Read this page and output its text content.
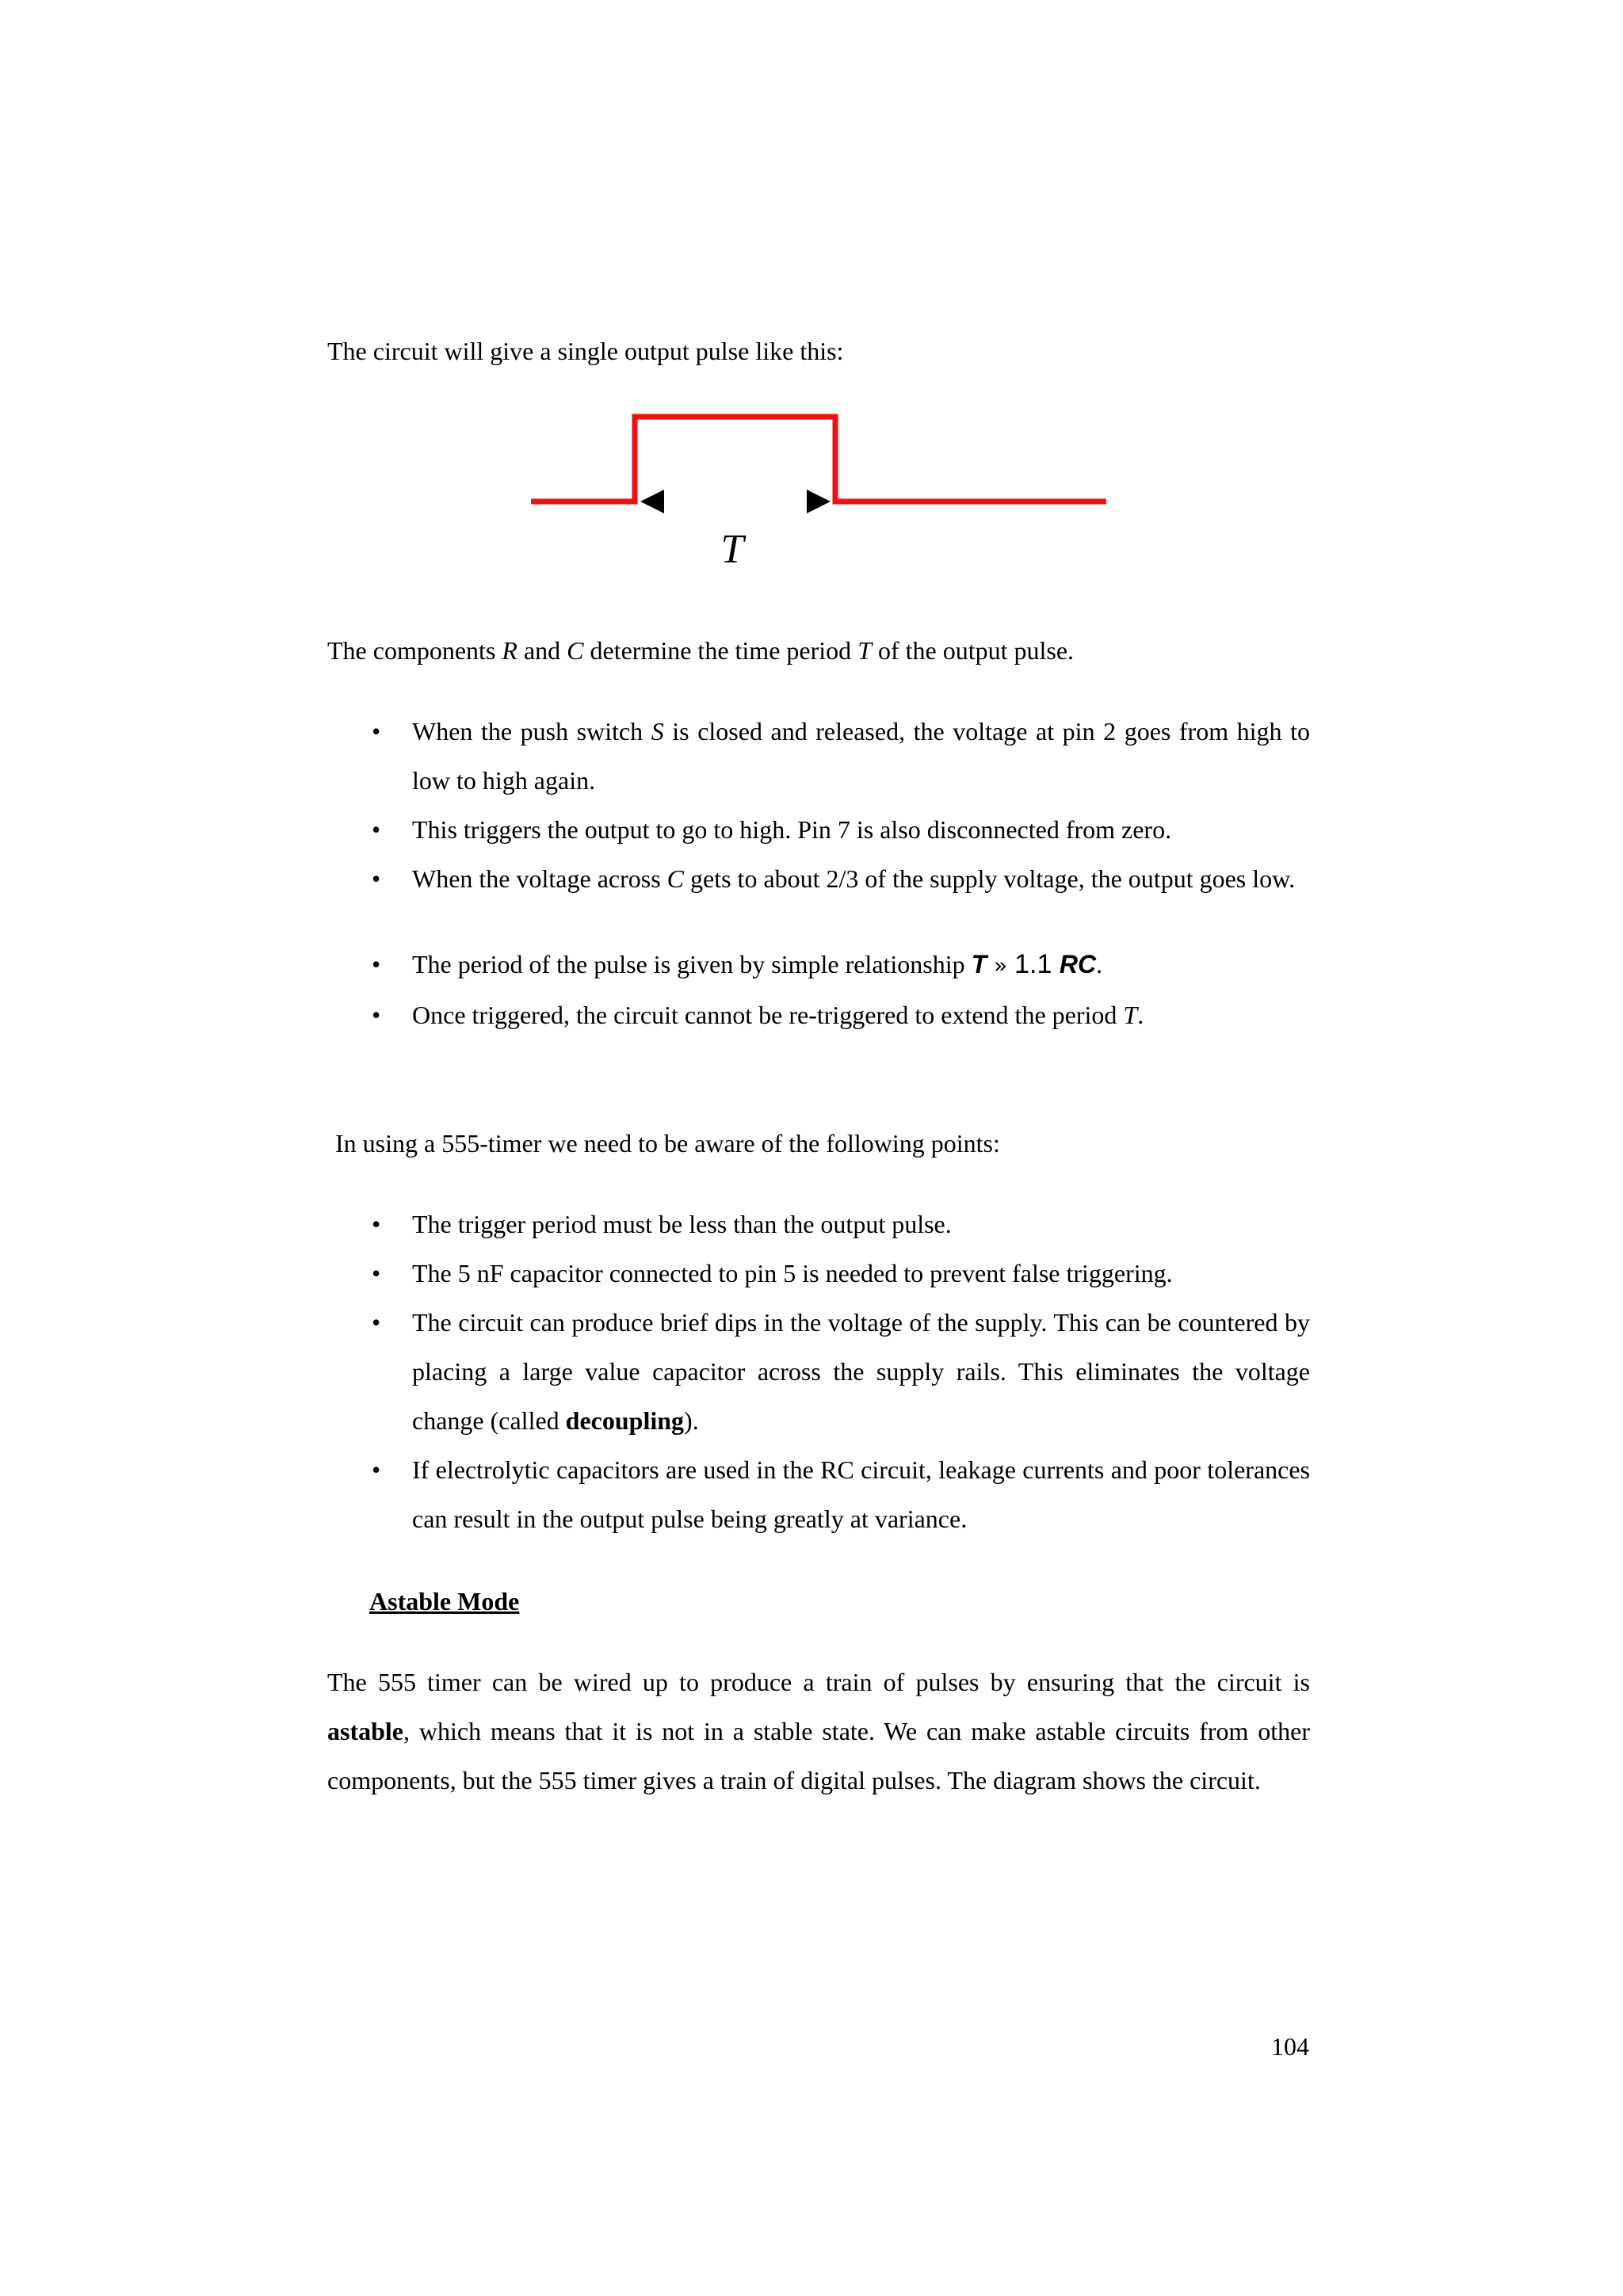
The circuit will give a single output pulse like this:

T

The components R and C determine the time period T of the output pulse.

• When the push switch S is closed and released, the voltage at pin 2 goes from high to low to high again.
• This triggers the output to go to high. Pin 7 is also disconnected from zero.
• When the voltage across C gets to about 2/3 of the supply voltage, the output goes low.
• The period of the pulse is given by simple relationship T » 1.1 RC.
• Once triggered, the circuit cannot be re-triggered to extend the period T.

In using a 555-timer we need to be aware of the following points:

• The trigger period must be less than the output pulse.
• The 5 nF capacitor connected to pin 5 is needed to prevent false triggering.
• The circuit can produce brief dips in the voltage of the supply. This can be countered by placing a large value capacitor across the supply rails. This eliminates the voltage change (called decoupling).
• If electrolytic capacitors are used in the RC circuit, leakage currents and poor tolerances can result in the output pulse being greatly at variance.
Astable Mode

The 555 timer can be wired up to produce a train of pulses by ensuring that the circuit is astable, which means that it is not in a stable state. We can make astable circuits from other components, but the 555 timer gives a train of digital pulses. The diagram shows the circuit.

104
